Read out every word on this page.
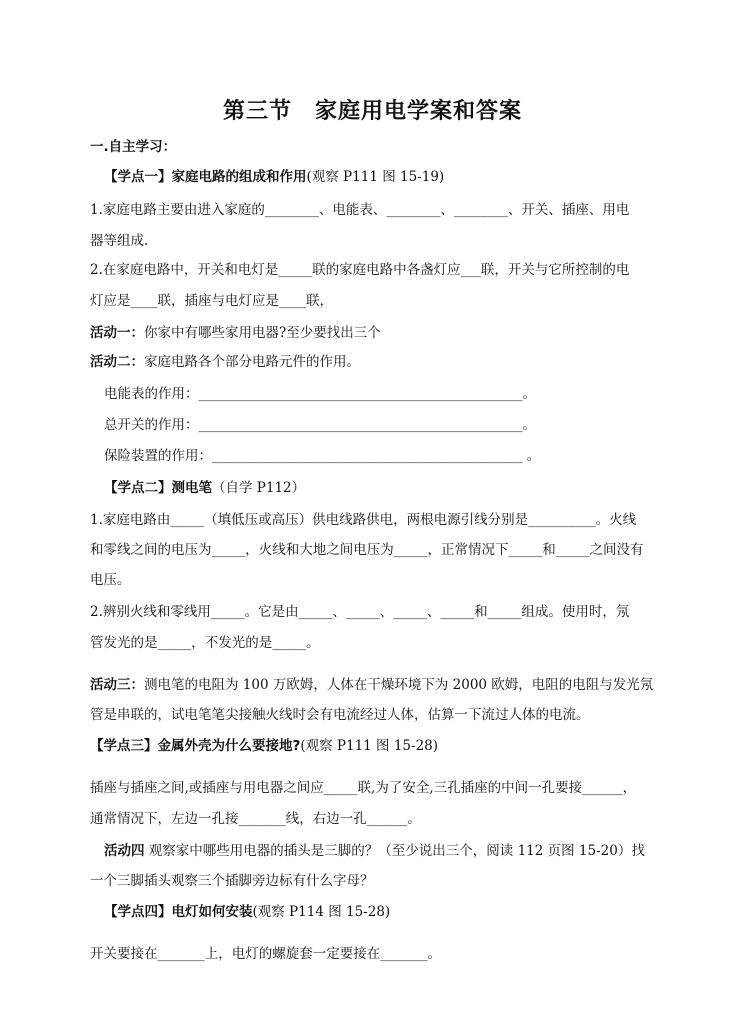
第三节　家庭用电学案和答案
一.自主学习：
【学点一】家庭电路的组成和作用(观察 P111 图 15-19)
1.家庭电路主要由进入家庭的________、电能表、________、________、开关、插座、用电
器等组成.
2.在家庭电路中，开关和电灯是_____联的家庭电路中各盏灯应___联，开关与它所控制的电
灯应是____联，插座与电灯应是____联，
活动一：你家中有哪些家用电器?至少要找出三个
活动二：家庭电路各个部分电路元件的作用。
电能表的作用：________________________________________________。
总开关的作用：________________________________________________。
保险装置的作用：______________________________________________ 。
【学点二】测电笔（自学 P112）
1.家庭电路由_____（填低压或高压）供电线路供电，两根电源引线分别是__________。火线
和零线之间的电压为_____，火线和大地之间电压为_____，正常情况下_____和_____之间没有
电压。
2.辨别火线和零线用_____。它是由_____、_____、_____、_____和_____组成。使用时，氖
管发光的是_____，不发光的是_____。
活动三：测电笔的电阻为 100 万欧姆，人体在干燥环境下为 2000 欧姆，电阻的电阻与发光氖
管是串联的，试电笔笔尖接触火线时会有电流经过人体，估算一下流过人体的电流。
【学点三】金属外壳为什么要接地?(观察 P111 图 15-28)
插座与插座之间,或插座与用电器之间应_____联,为了安全,三孔插座的中间一孔要接______，
通常情况下，左边一孔接_______线，右边一孔______。
活动四 观察家中哪些用电器的插头是三脚的？（至少说出三个，阅读 112 页图 15-20）找
一个三脚插头观察三个插脚旁边标有什么字母？
【学点四】电灯如何安装(观察 P114 图 15-28)
开关要接在_______上，电灯的螺旋套一定要接在_______。
